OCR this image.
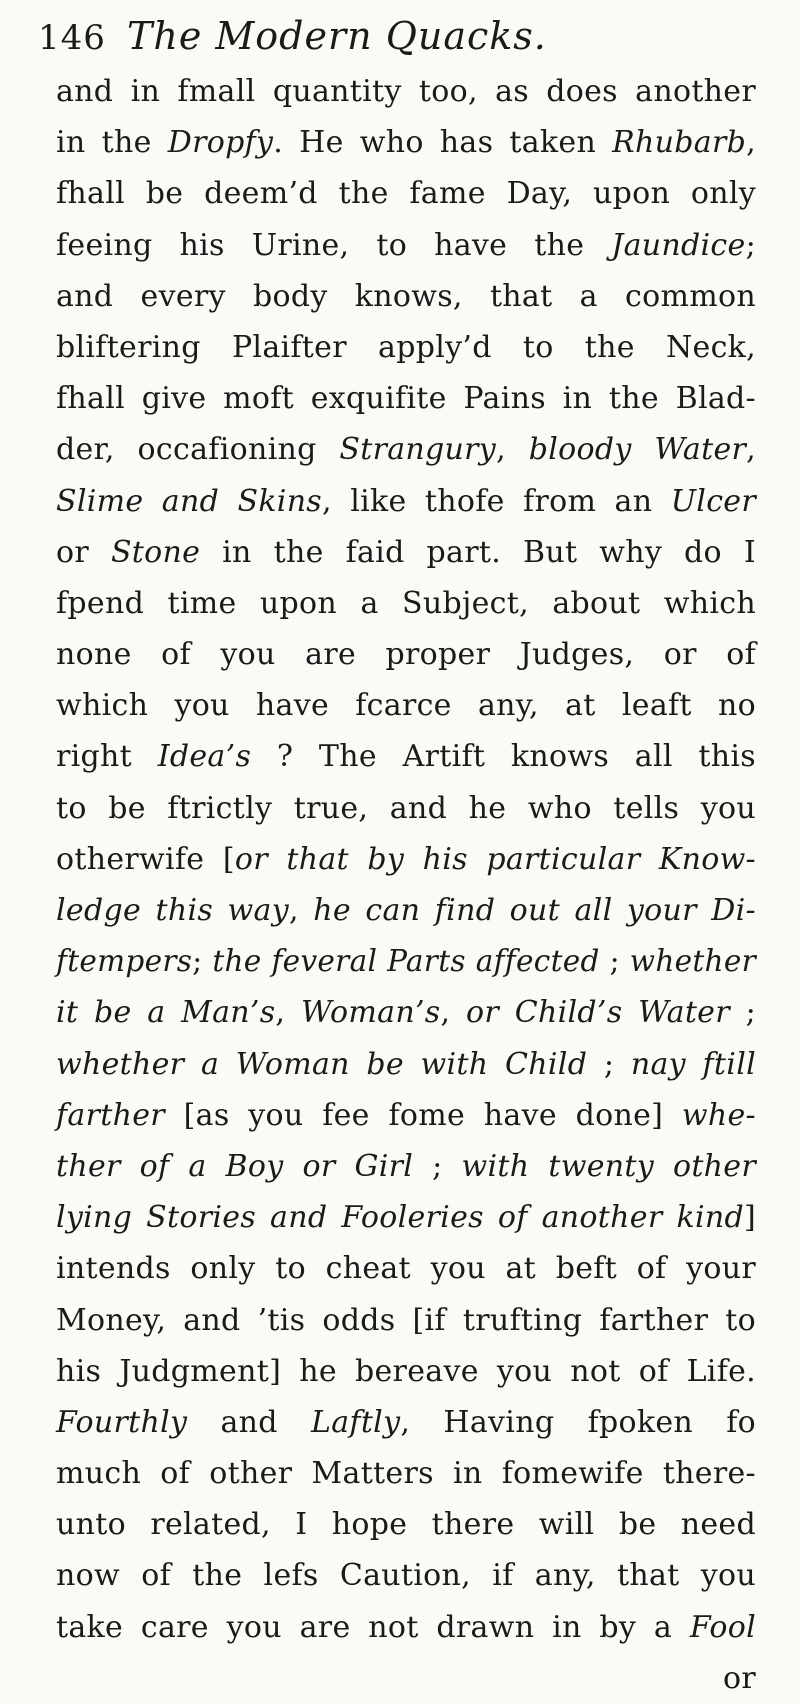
146 The Modern Quacks.
and in fmall quantity too, as does another
in the Dropfy. He who has taken Rhubarb,
fhall be deem’d the fame Day, upon only
feeing his Urine, to have the Jaundice;
and every body knows, that a common
bliftering Plaifter apply’d to the Neck,
fhall give moft exquifite Pains in the Blad-
der, occafioning Strangury, bloody Water,
Slime and Skins, like thofe from an Ulcer
or Stone in the faid part. But why do I
fpend time upon a Subject, about which
none of you are proper Judges, or of
which you have fcarce any, at leaft no
right Idea’s ? The Artift knows all this
to be ftrictly true, and he who tells you
otherwife [or that by his particular Know-
ledge this way, he can find out all your Di-
ftempers; the feveral Parts affected ; whether
it be a Man’s, Woman’s, or Child’s Water ;
whether a Woman be with Child ; nay ftill
farther [as you fee fome have done] whe-
ther of a Boy or Girl ; with twenty other
lying Stories and Fooleries of another kind]
intends only to cheat you at beft of your
Money, and ’tis odds [if trufting farther to
his Judgment] he bereave you not of Life.
Fourthly and Laftly, Having fpoken fo
much of other Matters in fomewife there-
unto related, I hope there will be need
now of the lefs Caution, if any, that you
take care you are not drawn in by a Fool
or
